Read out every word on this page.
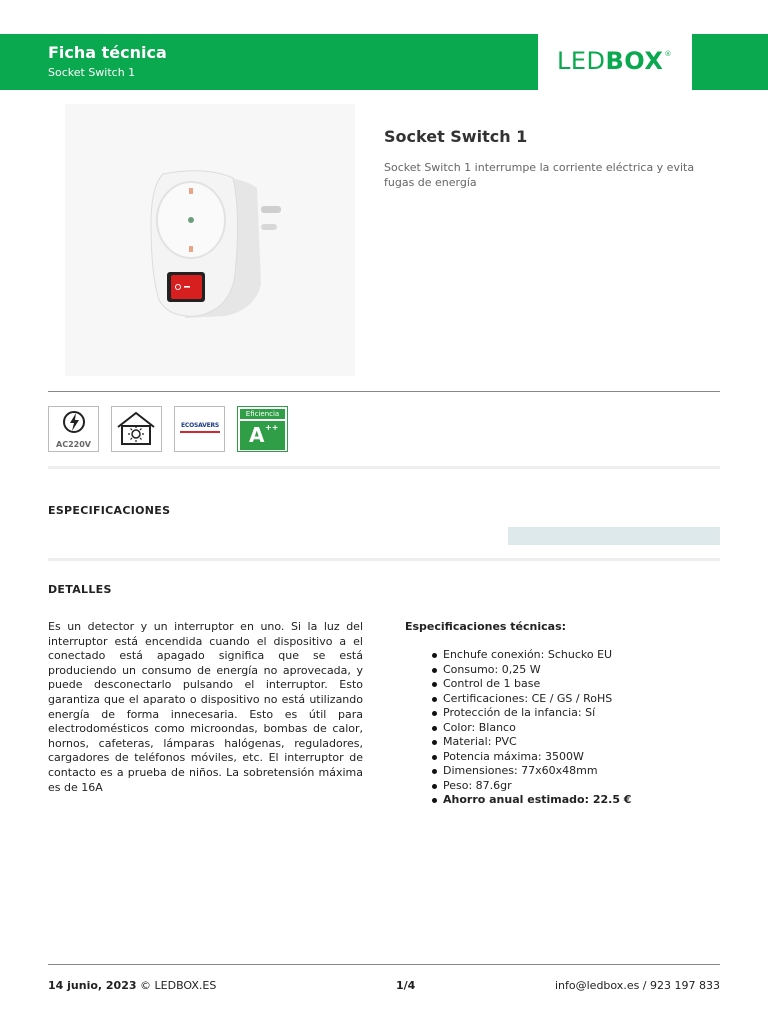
Ficha técnica
Socket Switch 1	LEDBOX®
Socket Switch 1
Socket Switch 1 interrumpe la corriente eléctrica y evita fugas de energía
AC220V
ECOSAVERS
Eficiencia
A ++
ESPECIFICACIONES
DETALLES
Es un detector y un interruptor en uno. Si la luz del interruptor está encendida cuando el dispositivo a el conectado está apagado significa que se está produciendo un consumo de energía no aprovecada, y puede desconectarlo pulsando el interruptor. Esto garantiza que el aparato o dispositivo no está utilizando energía de forma innecesaria. Esto es útil para electrodomésticos como microondas, bombas de calor, hornos, cafeteras, lámparas halógenas, reguladores, cargadores de teléfonos móviles, etc. El interruptor de contacto es a prueba de niños. La sobretensión máxima es de 16A
Especificaciones técnicas:
Enchufe conexión: Schucko EU
Consumo: 0,25 W
Control de 1 base
Certificaciones: CE / GS / RoHS
Protección de la infancia: Sí
Color: Blanco
Material: PVC
Potencia máxima: 3500W
Dimensiones: 77x60x48mm
Peso: 87.6gr
Ahorro anual estimado: 22.5 €
14 junio, 2023 © LEDBOX.ES	1/4	info@ledbox.es / 923 197 833
